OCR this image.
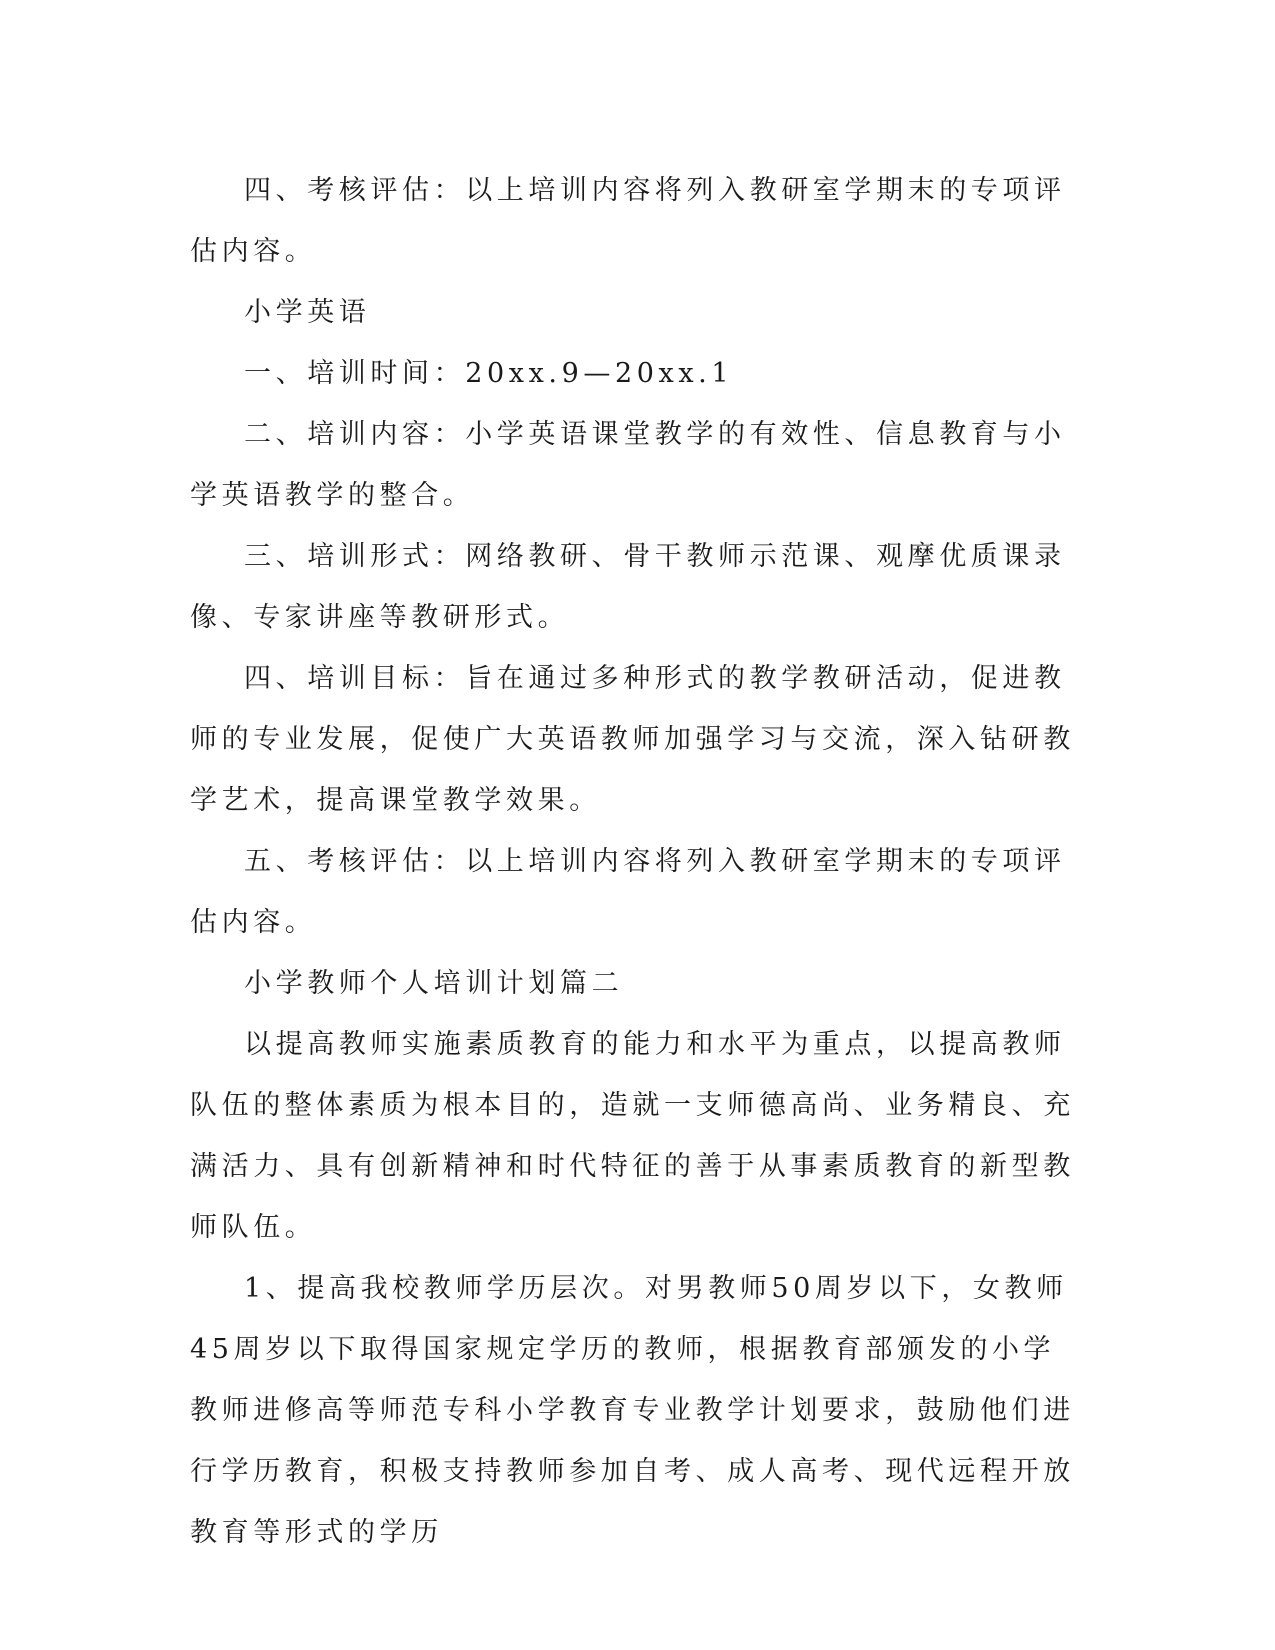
四、考核评估：以上培训内容将列入教研室学期末的专项评估内容。

小学英语

一、培训时间：20xx.9—20xx.1

二、培训内容：小学英语课堂教学的有效性、信息教育与小学英语教学的整合。

三、培训形式：网络教研、骨干教师示范课、观摩优质课录像、专家讲座等教研形式。

四、培训目标：旨在通过多种形式的教学教研活动，促进教师的专业发展，促使广大英语教师加强学习与交流，深入钻研教学艺术，提高课堂教学效果。

五、考核评估：以上培训内容将列入教研室学期末的专项评估内容。

小学教师个人培训计划篇二

以提高教师实施素质教育的能力和水平为重点，以提高教师队伍的整体素质为根本目的，造就一支师德高尚、业务精良、充满活力、具有创新精神和时代特征的善于从事素质教育的新型教师队伍。

1、提高我校教师学历层次。对男教师50周岁以下，女教师45周岁以下取得国家规定学历的教师，根据教育部颁发的小学教师进修高等师范专科小学教育专业教学计划要求，鼓励他们进行学历教育，积极支持教师参加自考、成人高考、现代远程开放教育等形式的学历
